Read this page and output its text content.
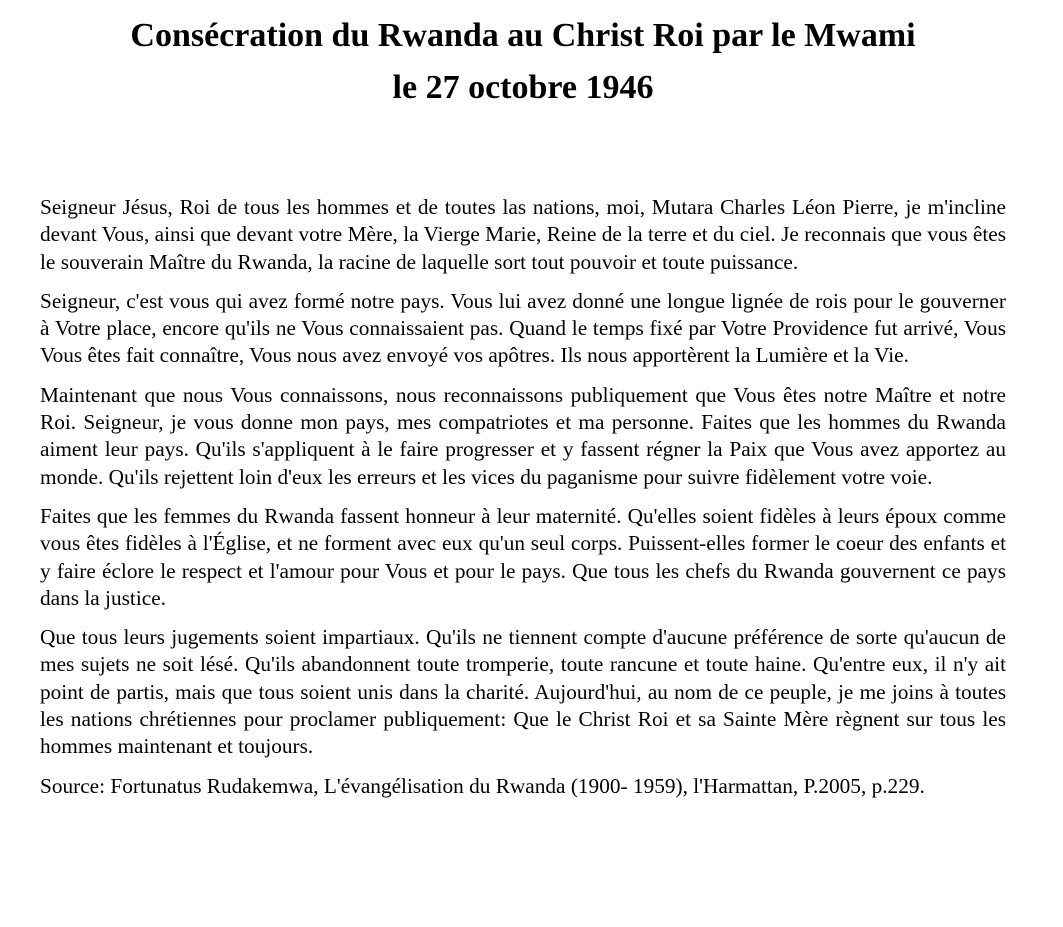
Consécration du Rwanda au Christ Roi par le Mwami
le 27 octobre 1946

Seigneur Jésus, Roi de tous les hommes et de toutes las nations, moi, Mutara Charles Léon Pierre, je m'incline devant Vous, ainsi que devant votre Mère, la Vierge Marie, Reine de la terre et du ciel. Je reconnais que vous êtes le souverain Maître du Rwanda, la racine de laquelle sort tout pouvoir et toute puissance.

Seigneur, c'est vous qui avez formé notre pays. Vous lui avez donné une longue lignée de rois pour le gouverner à Votre place, encore qu'ils ne Vous connaissaient pas. Quand le temps fixé par Votre Providence fut arrivé, Vous Vous êtes fait connaître, Vous nous avez envoyé vos apôtres. Ils nous apportèrent la Lumière et la Vie.

Maintenant que nous Vous connaissons, nous reconnaissons publiquement que Vous êtes notre Maître et notre Roi. Seigneur, je vous donne mon pays, mes compatriotes et ma personne. Faites que les hommes du Rwanda aiment leur pays. Qu'ils s'appliquent à le faire progresser et y fassent régner la Paix que Vous avez apportez au monde. Qu'ils rejettent loin d'eux les erreurs et les vices du paganisme pour suivre fidèlement votre voie.

Faites que les femmes du Rwanda fassent honneur à leur maternité. Qu'elles soient fidèles à leurs époux comme vous êtes fidèles à l'Église, et ne forment avec eux qu'un seul corps. Puissent-elles former le coeur des enfants et y faire éclore le respect et l'amour pour Vous et pour le pays. Que tous les chefs du Rwanda gouvernent ce pays dans la justice.

Que tous leurs jugements soient impartiaux. Qu'ils ne tiennent compte d'aucune préférence de sorte qu'aucun de mes sujets ne soit lésé. Qu'ils abandonnent toute tromperie, toute rancune et toute haine. Qu'entre eux, il n'y ait point de partis, mais que tous soient unis dans la charité. Aujourd'hui, au nom de ce peuple, je me joins à toutes les nations chrétiennes pour proclamer publiquement: Que le Christ Roi et sa Sainte Mère règnent sur tous les hommes maintenant et toujours.

Source: Fortunatus Rudakemwa, L'évangélisation du Rwanda (1900- 1959), l'Harmattan, P.2005, p.229.
